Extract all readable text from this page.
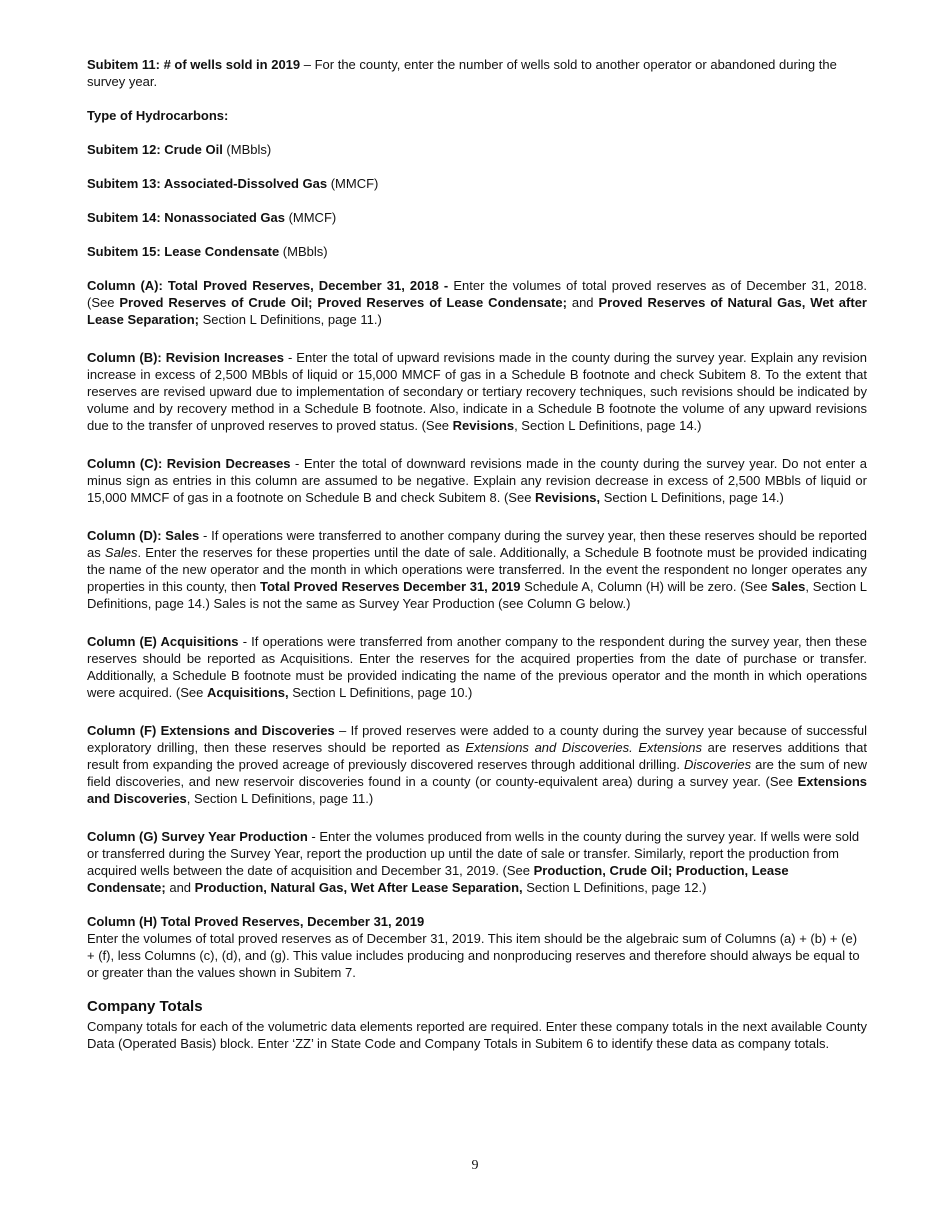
Subitem 11: # of wells sold in 2019 – For the county, enter the number of wells sold to another operator or abandoned during the survey year.

Type of Hydrocarbons:

Subitem 12: Crude Oil (MBbls)

Subitem 13: Associated-Dissolved Gas (MMCF)

Subitem 14: Nonassociated Gas (MMCF)

Subitem 15: Lease Condensate (MBbls)

Column (A): Total Proved Reserves, December 31, 2018 - Enter the volumes of total proved reserves as of December 31, 2018. (See Proved Reserves of Crude Oil; Proved Reserves of Lease Condensate; and Proved Reserves of Natural Gas, Wet after Lease Separation; Section L Definitions, page 11.)

Column (B): Revision Increases - Enter the total of upward revisions made in the county during the survey year. Explain any revision increase in excess of 2,500 MBbls of liquid or 15,000 MMCF of gas in a Schedule B footnote and check Subitem 8. To the extent that reserves are revised upward due to implementation of secondary or tertiary recovery techniques, such revisions should be indicated by volume and by recovery method in a Schedule B footnote. Also, indicate in a Schedule B footnote the volume of any upward revisions due to the transfer of unproved reserves to proved status. (See Revisions, Section L Definitions, page 14.)

Column (C): Revision Decreases - Enter the total of downward revisions made in the county during the survey year. Do not enter a minus sign as entries in this column are assumed to be negative. Explain any revision decrease in excess of 2,500 MBbls of liquid or 15,000 MMCF of gas in a footnote on Schedule B and check Subitem 8. (See Revisions, Section L Definitions, page 14.)

Column (D): Sales - If operations were transferred to another company during the survey year, then these reserves should be reported as Sales. Enter the reserves for these properties until the date of sale. Additionally, a Schedule B footnote must be provided indicating the name of the new operator and the month in which operations were transferred. In the event the respondent no longer operates any properties in this county, then Total Proved Reserves December 31, 2019 Schedule A, Column (H) will be zero. (See Sales, Section L Definitions, page 14.) Sales is not the same as Survey Year Production (see Column G below.)

Column (E) Acquisitions - If operations were transferred from another company to the respondent during the survey year, then these reserves should be reported as Acquisitions. Enter the reserves for the acquired properties from the date of purchase or transfer. Additionally, a Schedule B footnote must be provided indicating the name of the previous operator and the month in which operations were acquired. (See Acquisitions, Section L Definitions, page 10.)

Column (F) Extensions and Discoveries – If proved reserves were added to a county during the survey year because of successful exploratory drilling, then these reserves should be reported as Extensions and Discoveries. Extensions are reserves additions that result from expanding the proved acreage of previously discovered reserves through additional drilling. Discoveries are the sum of new field discoveries, and new reservoir discoveries found in a county (or county-equivalent area) during a survey year. (See Extensions and Discoveries, Section L Definitions, page 11.)

Column (G) Survey Year Production - Enter the volumes produced from wells in the county during the survey year. If wells were sold or transferred during the Survey Year, report the production up until the date of sale or transfer. Similarly, report the production from acquired wells between the date of acquisition and December 31, 2019. (See Production, Crude Oil; Production, Lease Condensate; and Production, Natural Gas, Wet After Lease Separation, Section L Definitions, page 12.)

Column (H) Total Proved Reserves, December 31, 2019

Enter the volumes of total proved reserves as of December 31, 2019. This item should be the algebraic sum of Columns (a) + (b) + (e) + (f), less Columns (c), (d), and (g). This value includes producing and nonproducing reserves and therefore should always be equal to or greater than the values shown in Subitem 7.

Company Totals

Company totals for each of the volumetric data elements reported are required. Enter these company totals in the next available County Data (Operated Basis) block. Enter ‘ZZ’ in State Code and Company Totals in Subitem 6 to identify these data as company totals.

9
